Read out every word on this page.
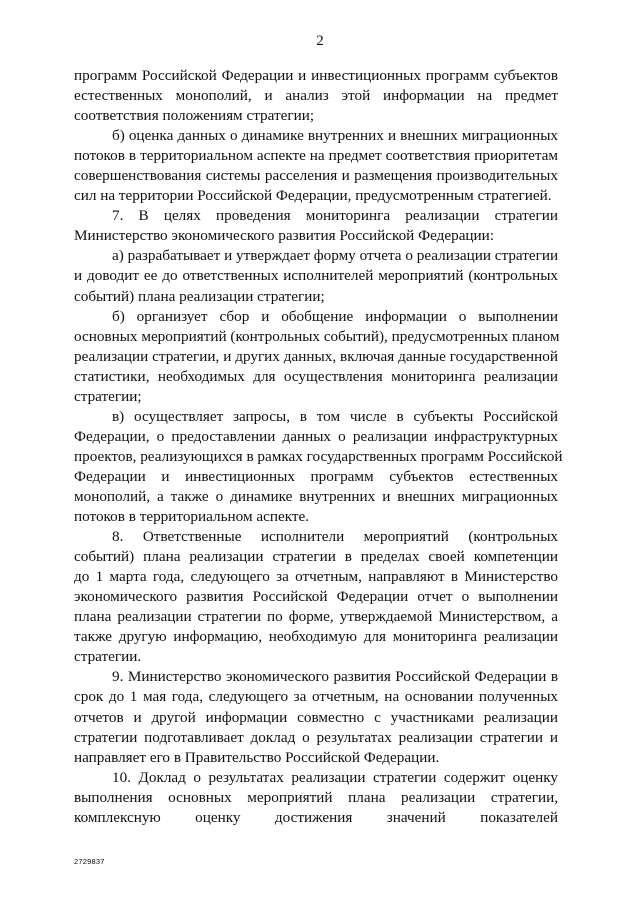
2
программ Российской Федерации и инвестиционных программ субъектов
естественных монополий, и анализ этой информации на предмет
соответствия положениям стратегии;
б) оценка данных о динамике внутренних и внешних миграционных
потоков в территориальном аспекте на предмет соответствия приоритетам
совершенствования системы расселения и размещения производительных
сил на территории Российской Федерации, предусмотренным стратегией.
7. В целях проведения мониторинга реализации стратегии
Министерство экономического развития Российской Федерации:
а) разрабатывает и утверждает форму отчета о реализации стратегии
и доводит ее до ответственных исполнителей мероприятий (контрольных
событий) плана реализации стратегии;
б) организует сбор и обобщение информации о выполнении
основных мероприятий (контрольных событий), предусмотренных планом
реализации стратегии, и других данных, включая данные государственной
статистики, необходимых для осуществления мониторинга реализации
стратегии;
в) осуществляет запросы, в том числе в субъекты Российской
Федерации, о предоставлении данных о реализации инфраструктурных
проектов, реализующихся в рамках государственных программ Российской
Федерации и инвестиционных программ субъектов естественных
монополий, а также о динамике внутренних и внешних миграционных
потоков в территориальном аспекте.
8. Ответственные исполнители мероприятий (контрольных
событий) плана реализации стратегии в пределах своей компетенции
до 1 марта года, следующего за отчетным, направляют в Министерство
экономического развития Российской Федерации отчет о выполнении
плана реализации стратегии по форме, утверждаемой Министерством, а
также другую информацию, необходимую для мониторинга реализации
стратегии.
9. Министерство экономического развития Российской Федерации в
срок до 1 мая года, следующего за отчетным, на основании полученных
отчетов и другой информации совместно с участниками реализации
стратегии подготавливает доклад о результатах реализации стратегии и
направляет его в Правительство Российской Федерации.
10. Доклад о результатах реализации стратегии содержит оценку
выполнения основных мероприятий плана реализации стратегии,
комплексную оценку достижения значений показателей
2729837
